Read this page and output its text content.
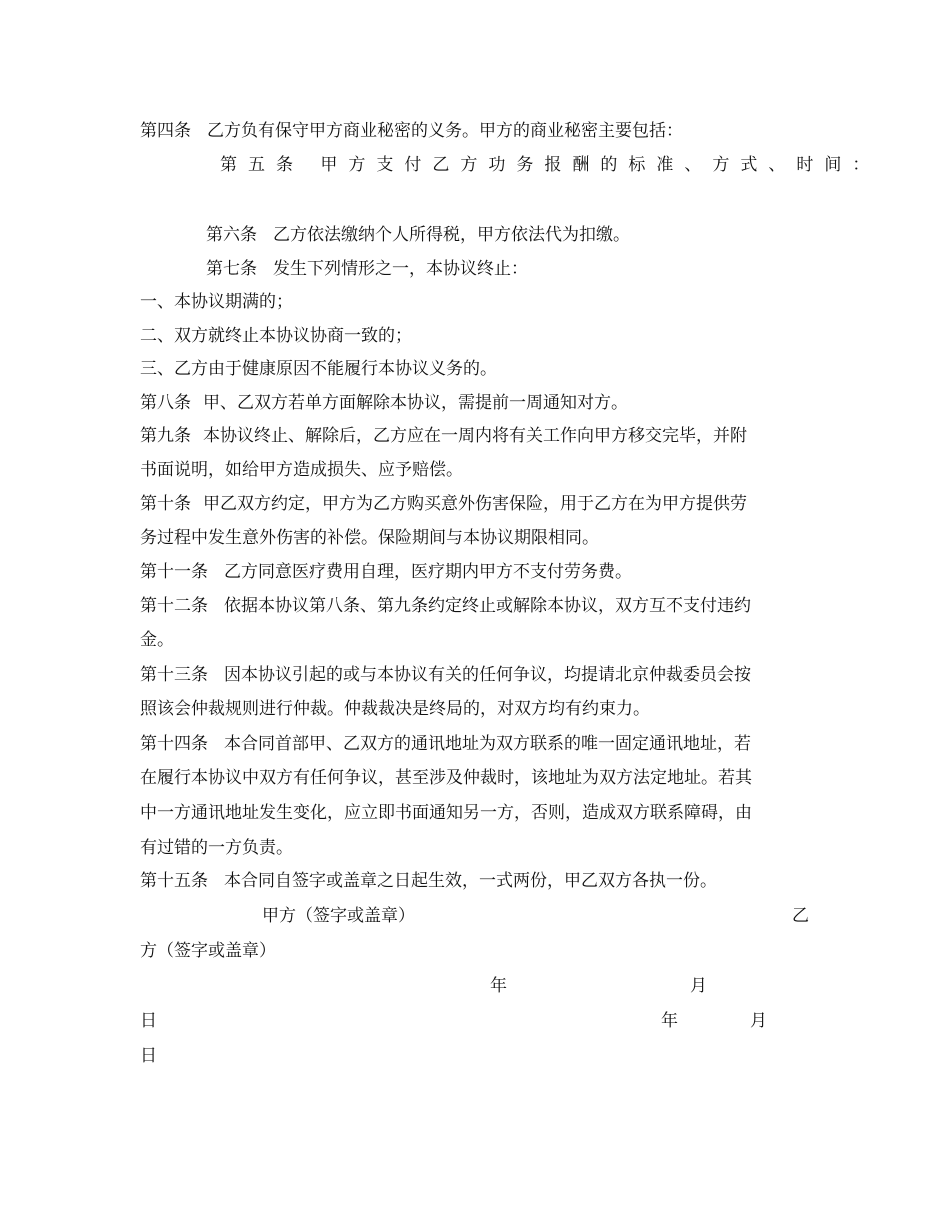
第四条 乙方负有保守甲方商业秘密的义务。甲方的商业秘密主要包括：
第五条 甲方支付乙方功务报酬的标准、方式、时间：
第六条 乙方依法缴纳个人所得税，甲方依法代为扣缴。
第七条 发生下列情形之一，本协议终止：
一、本协议期满的；
二、双方就终止本协议协商一致的；
三、乙方由于健康原因不能履行本协议义务的。
第八条 甲、乙双方若单方面解除本协议，需提前一周通知对方。
第九条 本协议终止、解除后，乙方应在一周内将有关工作向甲方移交完毕，并附
书面说明，如给甲方造成损失、应予赔偿。
第十条 甲乙双方约定，甲方为乙方购买意外伤害保险，用于乙方在为甲方提供劳
务过程中发生意外伤害的补偿。保险期间与本协议期限相同。
第十一条 乙方同意医疗费用自理，医疗期内甲方不支付劳务费。
第十二条 依据本协议第八条、第九条约定终止或解除本协议，双方互不支付违约
金。
第十三条 因本协议引起的或与本协议有关的任何争议，均提请北京仲裁委员会按
照该会仲裁规则进行仲裁。仲裁裁决是终局的，对双方均有约束力。
第十四条 本合同首部甲、乙双方的通讯地址为双方联系的唯一固定通讯地址，若
在履行本协议中双方有任何争议，甚至涉及仲裁时，该地址为双方法定地址。若其
中一方通讯地址发生变化，应立即书面通知另一方，否则，造成双方联系障碍，由
有过错的一方负责。
第十五条 本合同自签字或盖章之日起生效，一式两份，甲乙双方各执一份。
甲方（签字或盖章）	乙
方（签字或盖章）
年	月
日	年	月
日
